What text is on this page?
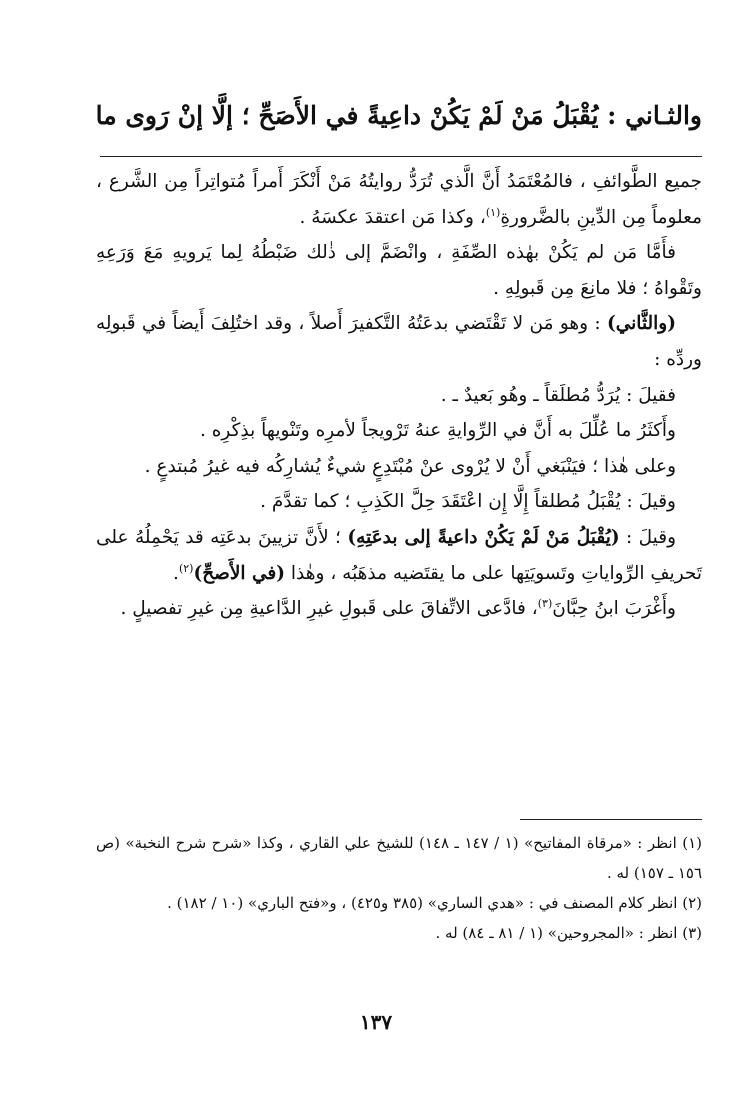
والثـاني : يُقْبَلُ مَنْ لَمْ يَكُنْ داعِيةً في الأَصَحِّ ؛ إلَّا إنْ رَوى ما

جميع الطَّوائفِ ، فالمُعْتَمَدُ أَنَّ الَّذي تُرَدُّ روايتُهُ مَنْ أَنْكَرَ أَمراً مُتواتِراً مِن الشَّرع ، معلوماً مِن الدِّينِ بالضَّرورةِ$^{(١)}$، وكذا مَن اعتقدَ عكسَهُ .

فأَمَّا مَن لم يَكُنْ بهٰذه الصِّفَةِ ، وانْضَمَّ إلى ذٰلك ضَبْطُهُ لِما يَرويهِ مَعَ وَرَعِهِ وتَقْواهُ ؛ فلا مانِعَ مِن قَبولِهِ .

(والثَّاني) : وهو مَن لا تَقْتَضي بدعَتُهُ التَّكفيرَ أَصلاً ، وقد اختُلِفَ أَيضاً في قَبولِه وردِّه :

فقيلَ : يُرَدُّ مُطلَقاً ـ وهُو بَعيدٌ ـ .

وأَكثَرُ ما عُلِّلَ به أَنَّ في الرِّوايةِ عنهُ تَرْويجاً لأمرِه وتَنْويهاً بذِكْرِه .

وعلى هٰذا ؛ فيَنْبَغي أَنْ لا يُرْوى عنْ مُبْتَدِعٍ شيءٌ يُشارِكُه فيه غيرُ مُبتدعٍ .

وقيلَ : يُقْبَلُ مُطلقاً إِلَّا إِن اعْتَقَدَ حِلَّ الكَذِبِ ؛ كما تقدَّمَ .

وقيلَ : (يُقْبَلُ مَنْ لَمْ يَكُنْ داعيةً إلى بدعَتِهِ) ؛ لأَنَّ تزيينَ بدعَتِه قد يَحْمِلُهُ على تَحريفِ الرِّواياتِ وتَسويَتِها على ما يقتَضيه مذهَبُه ، وهٰذا (في الأَصحِّ)$^{(٢)}$.

وأَغْرَبَ ابنُ حِبَّانَ$^{(٣)}$، فادَّعى الاتِّفاقَ على قَبولِ غيرِ الدَّاعيةِ مِن غيرِ تفصيلٍ .

(١) انظر : «مرقاة المفاتيح» (١ / ١٤٧ ـ ١٤٨) للشيخ علي القاري ، وكذا «شرح شرح النخبة» (ص ١٥٦ ـ ١٥٧) له .

(٢) انظر كلام المصنف في : «هدي الساري» (٣٨٥ و٤٢٥) ، و«فتح الباري» (١٠ / ١٨٢) .

(٣) انظر : «المجروحين» (١ / ٨١ ـ ٨٤) له .

١٣٧
